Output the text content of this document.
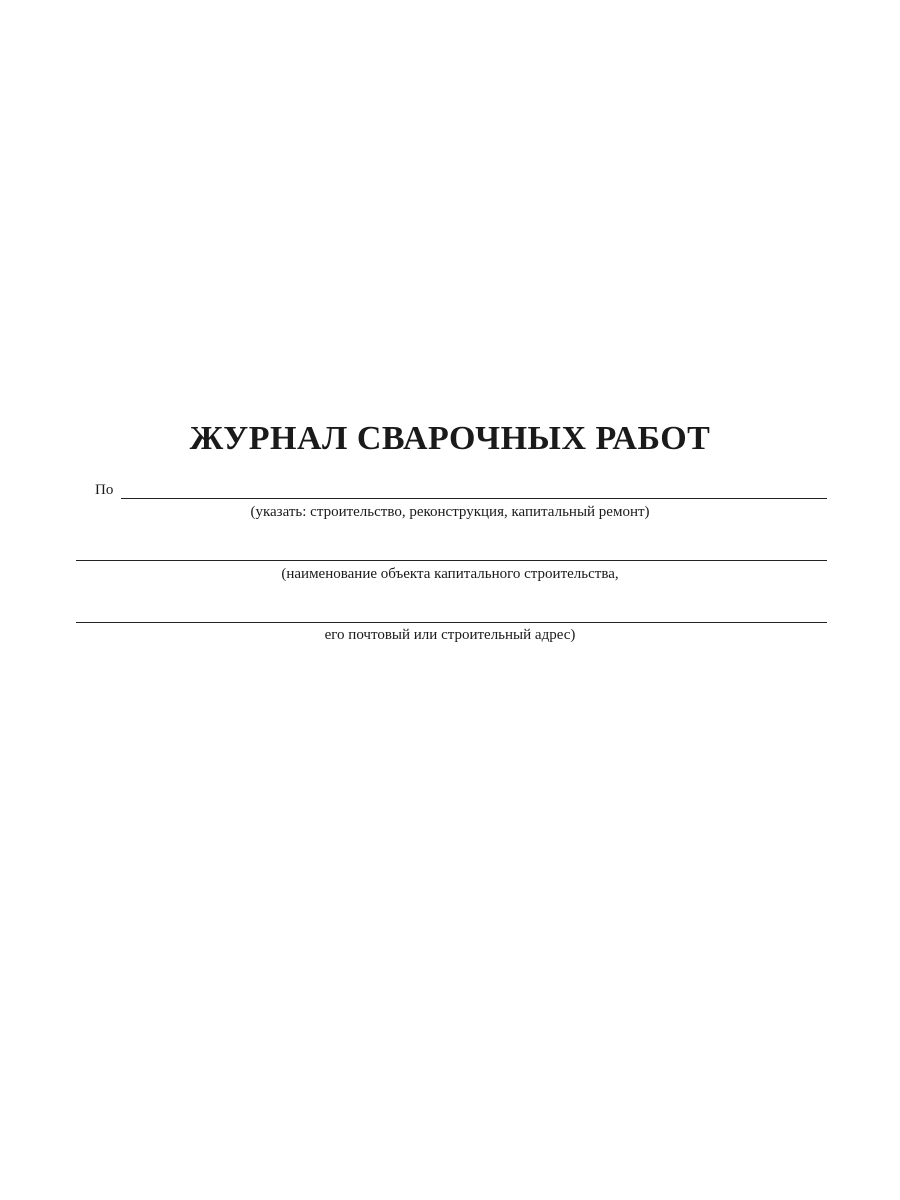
ЖУРНАЛ СВАРОЧНЫХ РАБОТ
По
(указать: строительство, реконструкция, капитальный ремонт)
(наименование объекта капитального строительства,
его почтовый или строительный адрес)
